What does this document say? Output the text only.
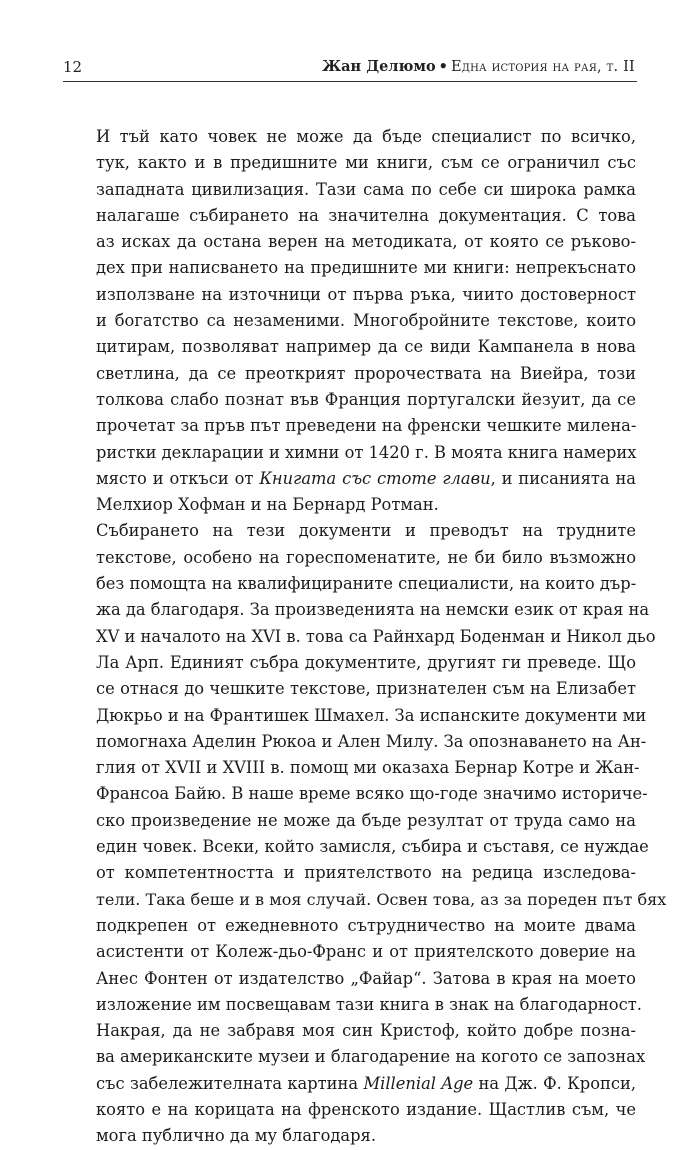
12	Жан Делюмо • Една история на рая, т. II
И тъй като човек не може да бъде специалист по всичко,
тук, както и в предишните ми книги, съм се ограничил със
западната цивилизация. Тази сама по себе си широка рамка
налагаше събирането на значителна документация. С това
аз исках да остана верен на методиката, от която се ръково-
дех при написването на предишните ми книги: непрекъснато
използване на източници от първа ръка, чиито достоверност
и богатство са незаменими. Многобройните текстове, които
цитирам, позволяват например да се види Кампанела в нова
светлина, да се преоткрият пророчествата на Виейра, този
толкова слабо познат във Франция португалски йезуит, да се
прочетат за пръв път преведени на френски чешките милена-
ристки декларации и химни от 1420 г. В моята книга намерих
място и откъси от Книгата със стоте глави, и писанията на
Мелхиор Хофман и на Бернард Ротман.
Събирането на тези документи и преводът на трудните
текстове, особено на гореспоменатите, не би било възможно
без помощта на квалифицираните специалисти, на които дър-
жа да благодаря. За произведенията на немски език от края на
XV и началото на XVI в. това са Райнхард Боденман и Никол дьо
Ла Арп. Единият събра документите, другият ги преведе. Що
се отнася до чешките текстове, признателен съм на Елизабет
Дюкрьо и на Франтишек Шмахел. За испанските документи ми
помогнаха Аделин Рюкоа и Ален Милу. За опознаването на Ан-
глия от XVII и XVIII в. помощ ми оказаха Бернар Котре и Жан-
Франсоа Байю. В наше време всяко що-годе значимо историче-
ско произведение не може да бъде резултат от труда само на
един човек. Всеки, който замисля, събира и съставя, се нуждае
от компетентността и приятелството на редица изследова-
тели. Така беше и в моя случай. Освен това, аз за пореден път бях
подкрепен от ежедневното сътрудничество на моите двама
асистенти от Колеж-дьо-Франс и от приятелското доверие на
Анес Фонтен от издателство „Файар“. Затова в края на моето
изложение им посвещавам тази книга в знак на благодарност.
Накрая, да не забравя моя син Кристоф, който добре позна-
ва американските музеи и благодарение на когото се запознах
със забележителната картина Millenial Age на Дж. Ф. Кропси,
която е на корицата на френското издание. Щастлив съм, че
мога публично да му благодаря.
